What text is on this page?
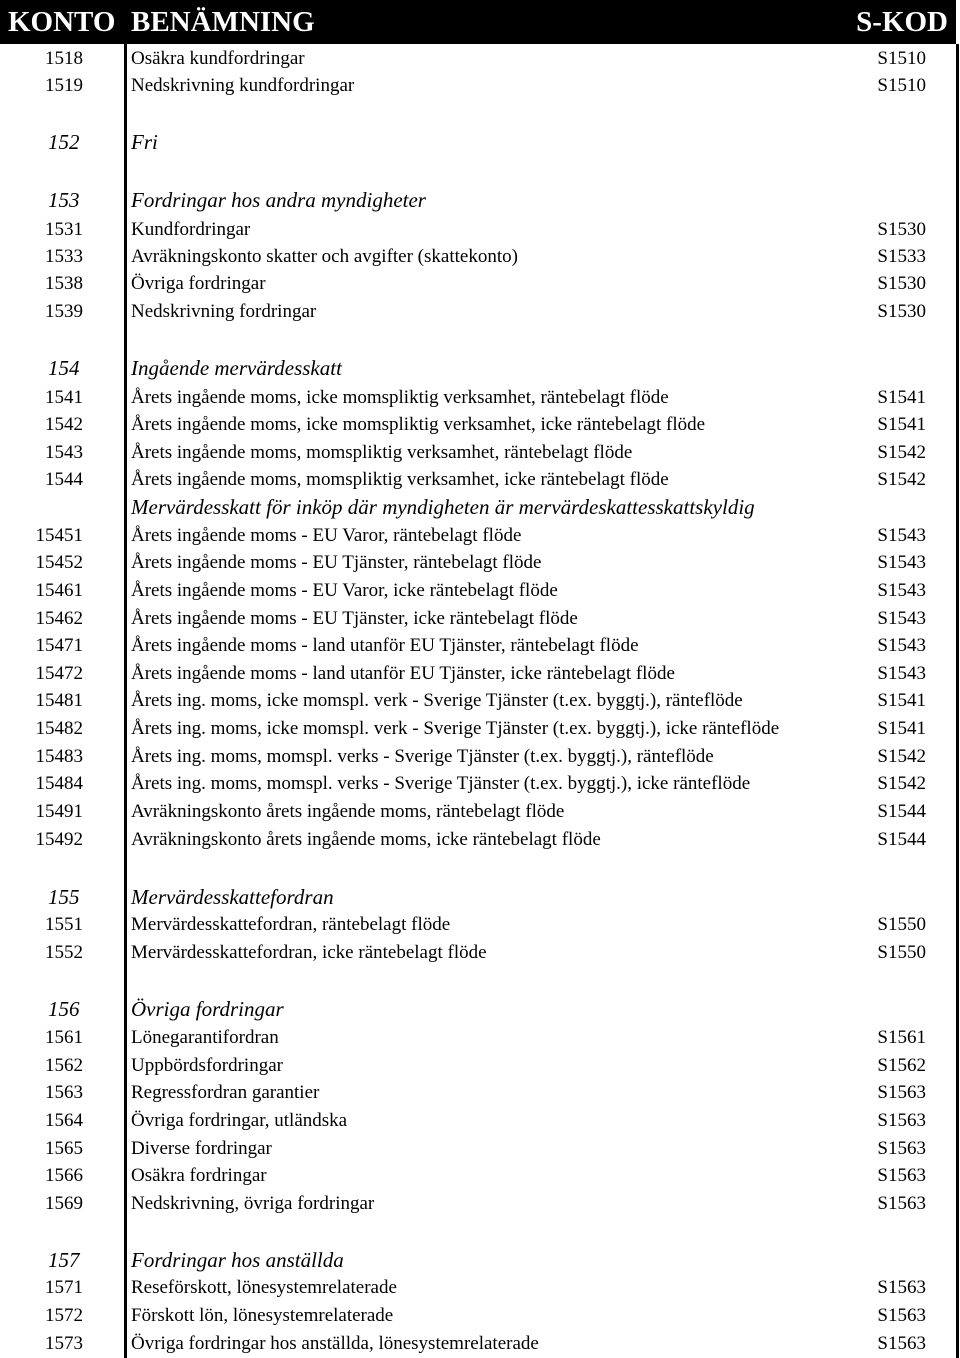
KONTO BENÄMNING	S-KOD
1518	Osäkra kundfordringar	S1510
1519	Nedskrivning kundfordringar	S1510
152 Fri
153 Fordringar hos andra myndigheter
1531	Kundfordringar	S1530
1533	Avräkningskonto skatter och avgifter (skattekonto)	S1533
1538	Övriga fordringar	S1530
1539	Nedskrivning fordringar	S1530
154 Ingående mervärdesskatt
1541	Årets ingående moms, icke momspliktig verksamhet, räntebelagt flöde	S1541
1542	Årets ingående moms, icke momspliktig verksamhet, icke räntebelagt flöde	S1541
1543	Årets ingående moms, momspliktig verksamhet, räntebelagt flöde	S1542
1544	Årets ingående moms, momspliktig verksamhet, icke räntebelagt flöde	S1542
Mervärdesskatt för inköp där myndigheten är mervärdeskattesskattskyldig
15451	Årets ingående moms - EU Varor, räntebelagt flöde	S1543
15452	Årets ingående moms - EU Tjänster, räntebelagt flöde	S1543
15461	Årets ingående moms - EU Varor, icke räntebelagt flöde	S1543
15462	Årets ingående moms - EU Tjänster, icke räntebelagt flöde	S1543
15471	Årets ingående moms - land utanför EU Tjänster, räntebelagt flöde	S1543
15472	Årets ingående moms - land utanför EU Tjänster, icke räntebelagt flöde	S1543
15481	Årets ing. moms, icke momspl. verk - Sverige Tjänster (t.ex. byggtj.), ränteflöde	S1541
15482	Årets ing. moms, icke momspl. verk - Sverige Tjänster (t.ex. byggtj.), icke ränteflöde	S1541
15483	Årets ing. moms, momspl. verks - Sverige Tjänster (t.ex. byggtj.), ränteflöde	S1542
15484	Årets ing. moms, momspl. verks - Sverige Tjänster (t.ex. byggtj.), icke ränteflöde	S1542
15491	Avräkningskonto årets ingående moms, räntebelagt flöde	S1544
15492	Avräkningskonto årets ingående moms, icke räntebelagt flöde	S1544
155 Mervärdesskattefordran
1551	Mervärdesskattefordran, räntebelagt flöde	S1550
1552	Mervärdesskattefordran, icke räntebelagt flöde	S1550
156 Övriga fordringar
1561	Lönegarantifordran	S1561
1562	Uppbördsfordringar	S1562
1563	Regressfordran garantier	S1563
1564	Övriga fordringar, utländska	S1563
1565	Diverse fordringar	S1563
1566	Osäkra fordringar	S1563
1569	Nedskrivning, övriga fordringar	S1563
157 Fordringar hos anställda
1571	Reseförskott, lönesystemrelaterade	S1563
1572	Förskott lön, lönesystemrelaterade	S1563
1573	Övriga fordringar hos anställda, lönesystemrelaterade	S1563
